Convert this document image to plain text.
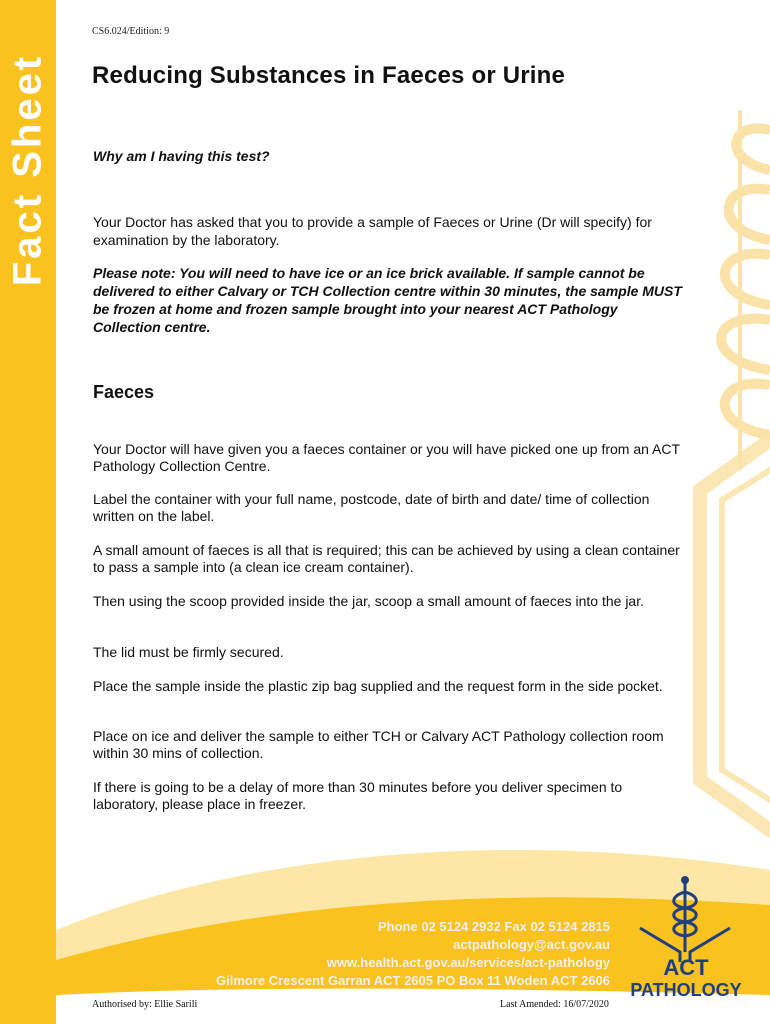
Fact Sheet
CS6.024/Edition: 9
Reducing Substances in Faeces or Urine
Why am I having this test?

Your Doctor has asked that you to provide a sample of Faeces or Urine (Dr will specify) for examination by the laboratory.

Please note: You will need to have ice or an ice brick available. If sample cannot be delivered to either Calvary or TCH Collection centre within 30 minutes, the sample MUST be frozen at home and frozen sample brought into your nearest ACT Pathology Collection centre.

Faeces

Your Doctor will have given you a faeces container or you will have picked one up from an ACT Pathology Collection Centre.

Label the container with your full name, postcode, date of birth and date/ time of collection written on the label.

A small amount of faeces is all that is required; this can be achieved by using a clean container to pass a sample into (a clean ice cream container).

Then using the scoop provided inside the jar, scoop a small amount of faeces into the jar.

The lid must be firmly secured.

Place the sample inside the plastic zip bag supplied and the request form in the side pocket.

Place on ice and deliver the sample to either TCH or Calvary ACT Pathology collection room within 30 mins of collection.

If there is going to be a delay of more than 30 minutes before you deliver specimen to laboratory, please place in freezer.

Phone 02 5124 2932 Fax 02 5124 2815
actpathology@act.gov.au
www.health.act.gov.au/services/act-pathology
Gilmore Crescent Garran ACT 2605 PO Box 11 Woden ACT 2606
ACT
PATHOLOGY
Authorised by: Ellie Sarili	Last Amended: 16/07/2020
